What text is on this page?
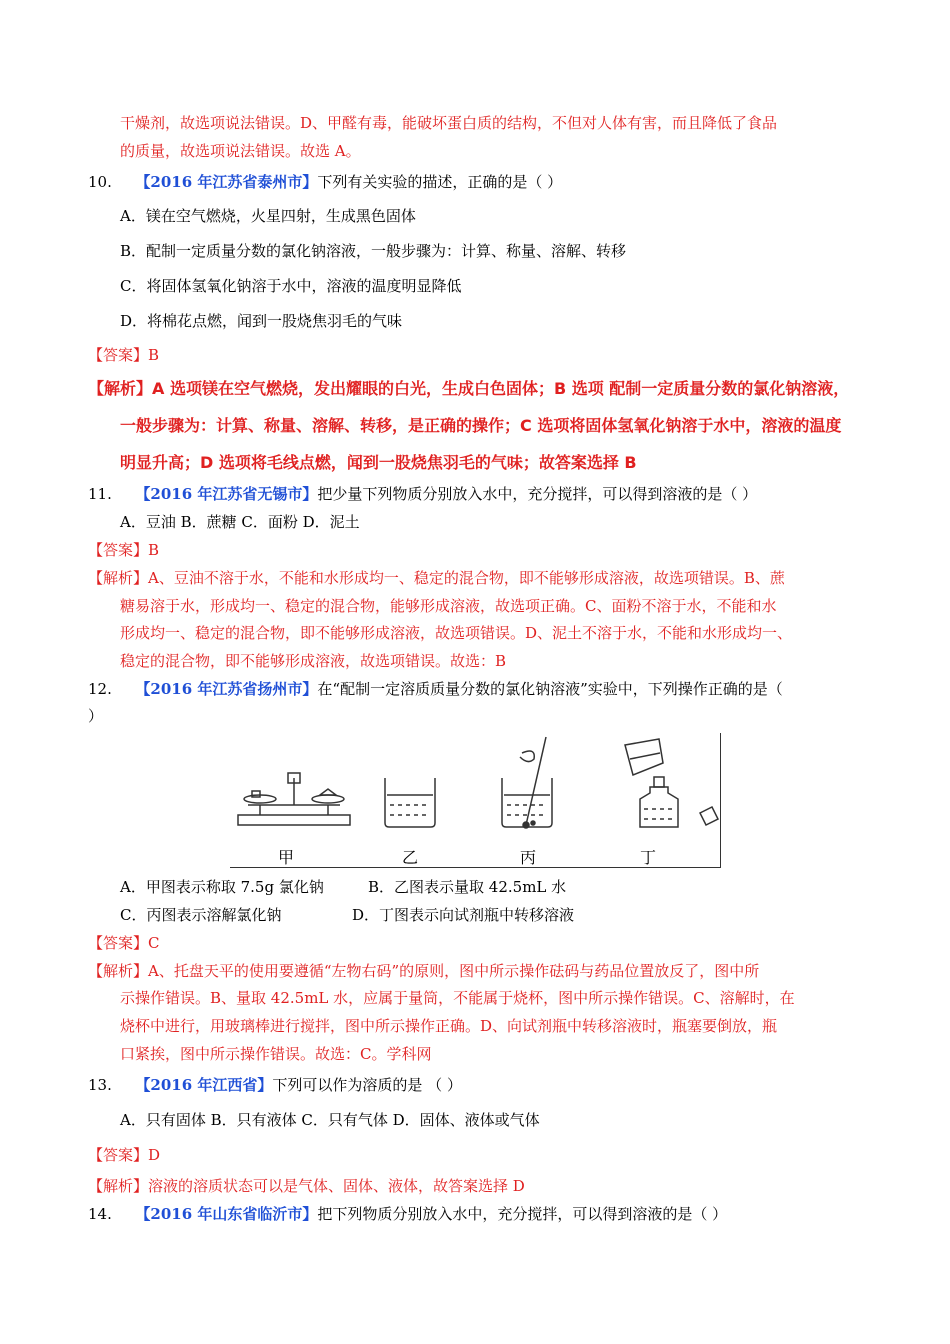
干燥剂，故选项说法错误。D、甲醛有毒，能破坏蛋白质的结构，不但对人体有害，而且降低了食品
的质量，故选项说法错误。故选 A。
10. 【2016 年江苏省泰州市】下列有关实验的描述，正确的是（ ）
A．镁在空气燃烧，火星四射，生成黑色固体
B．配制一定质量分数的氯化钠溶液，一般步骤为：计算、称量、溶解、转移
C．将固体氢氧化钠溶于水中，溶液的温度明显降低
D．将棉花点燃，闻到一股烧焦羽毛的气味
【答案】B
【解析】A 选项镁在空气燃烧，发出耀眼的白光，生成白色固体；B 选项 配制一定质量分数的氯化钠溶液，
一般步骤为：计算、称量、溶解、转移，是正确的操作；C 选项将固体氢氧化钠溶于水中，溶液的温度
明显升高；D 选项将毛线点燃，闻到一股烧焦羽毛的气味；故答案选择 B
11. 【2016 年江苏省无锡市】把少量下列物质分别放入水中，充分搅拌，可以得到溶液的是（ ）
A．豆油 B．蔗糖 C．面粉 D．泥土
【答案】B
【解析】A、豆油不溶于水，不能和水形成均一、稳定的混合物，即不能够形成溶液，故选项错误。B、蔗
糖易溶于水，形成均一、稳定的混合物，能够形成溶液，故选项正确。C、面粉不溶于水，不能和水
形成均一、稳定的混合物，即不能够形成溶液，故选项错误。D、泥土不溶于水，不能和水形成均一、
稳定的混合物，即不能够形成溶液，故选项错误。故选：B
12. 【2016 年江苏省扬州市】在“配制一定溶质质量分数的氯化钠溶液”实验中，下列操作正确的是（
）
甲	乙	丙	丁
A．甲图表示称取 7.5g 氯化钠	B．乙图表示量取 42.5mL 水
C．丙图表示溶解氯化钠	D．丁图表示向试剂瓶中转移溶液
【答案】C
【解析】A、托盘天平的使用要遵循“左物右码”的原则，图中所示操作砝码与药品位置放反了，图中所
示操作错误。B、量取 42.5mL 水，应属于量筒，不能属于烧杯，图中所示操作错误。C、溶解时，在
烧杯中进行，用玻璃棒进行搅拌，图中所示操作正确。D、向试剂瓶中转移溶液时，瓶塞要倒放，瓶
口紧挨，图中所示操作错误。故选：C。学科网
13. 【2016 年江西省】下列可以作为溶质的是 （ ）
A．只有固体 B．只有液体 C．只有气体 D．固体、液体或气体
【答案】D
【解析】溶液的溶质状态可以是气体、固体、液体，故答案选择 D
14. 【2016 年山东省临沂市】把下列物质分别放入水中，充分搅拌，可以得到溶液的是（ ）
